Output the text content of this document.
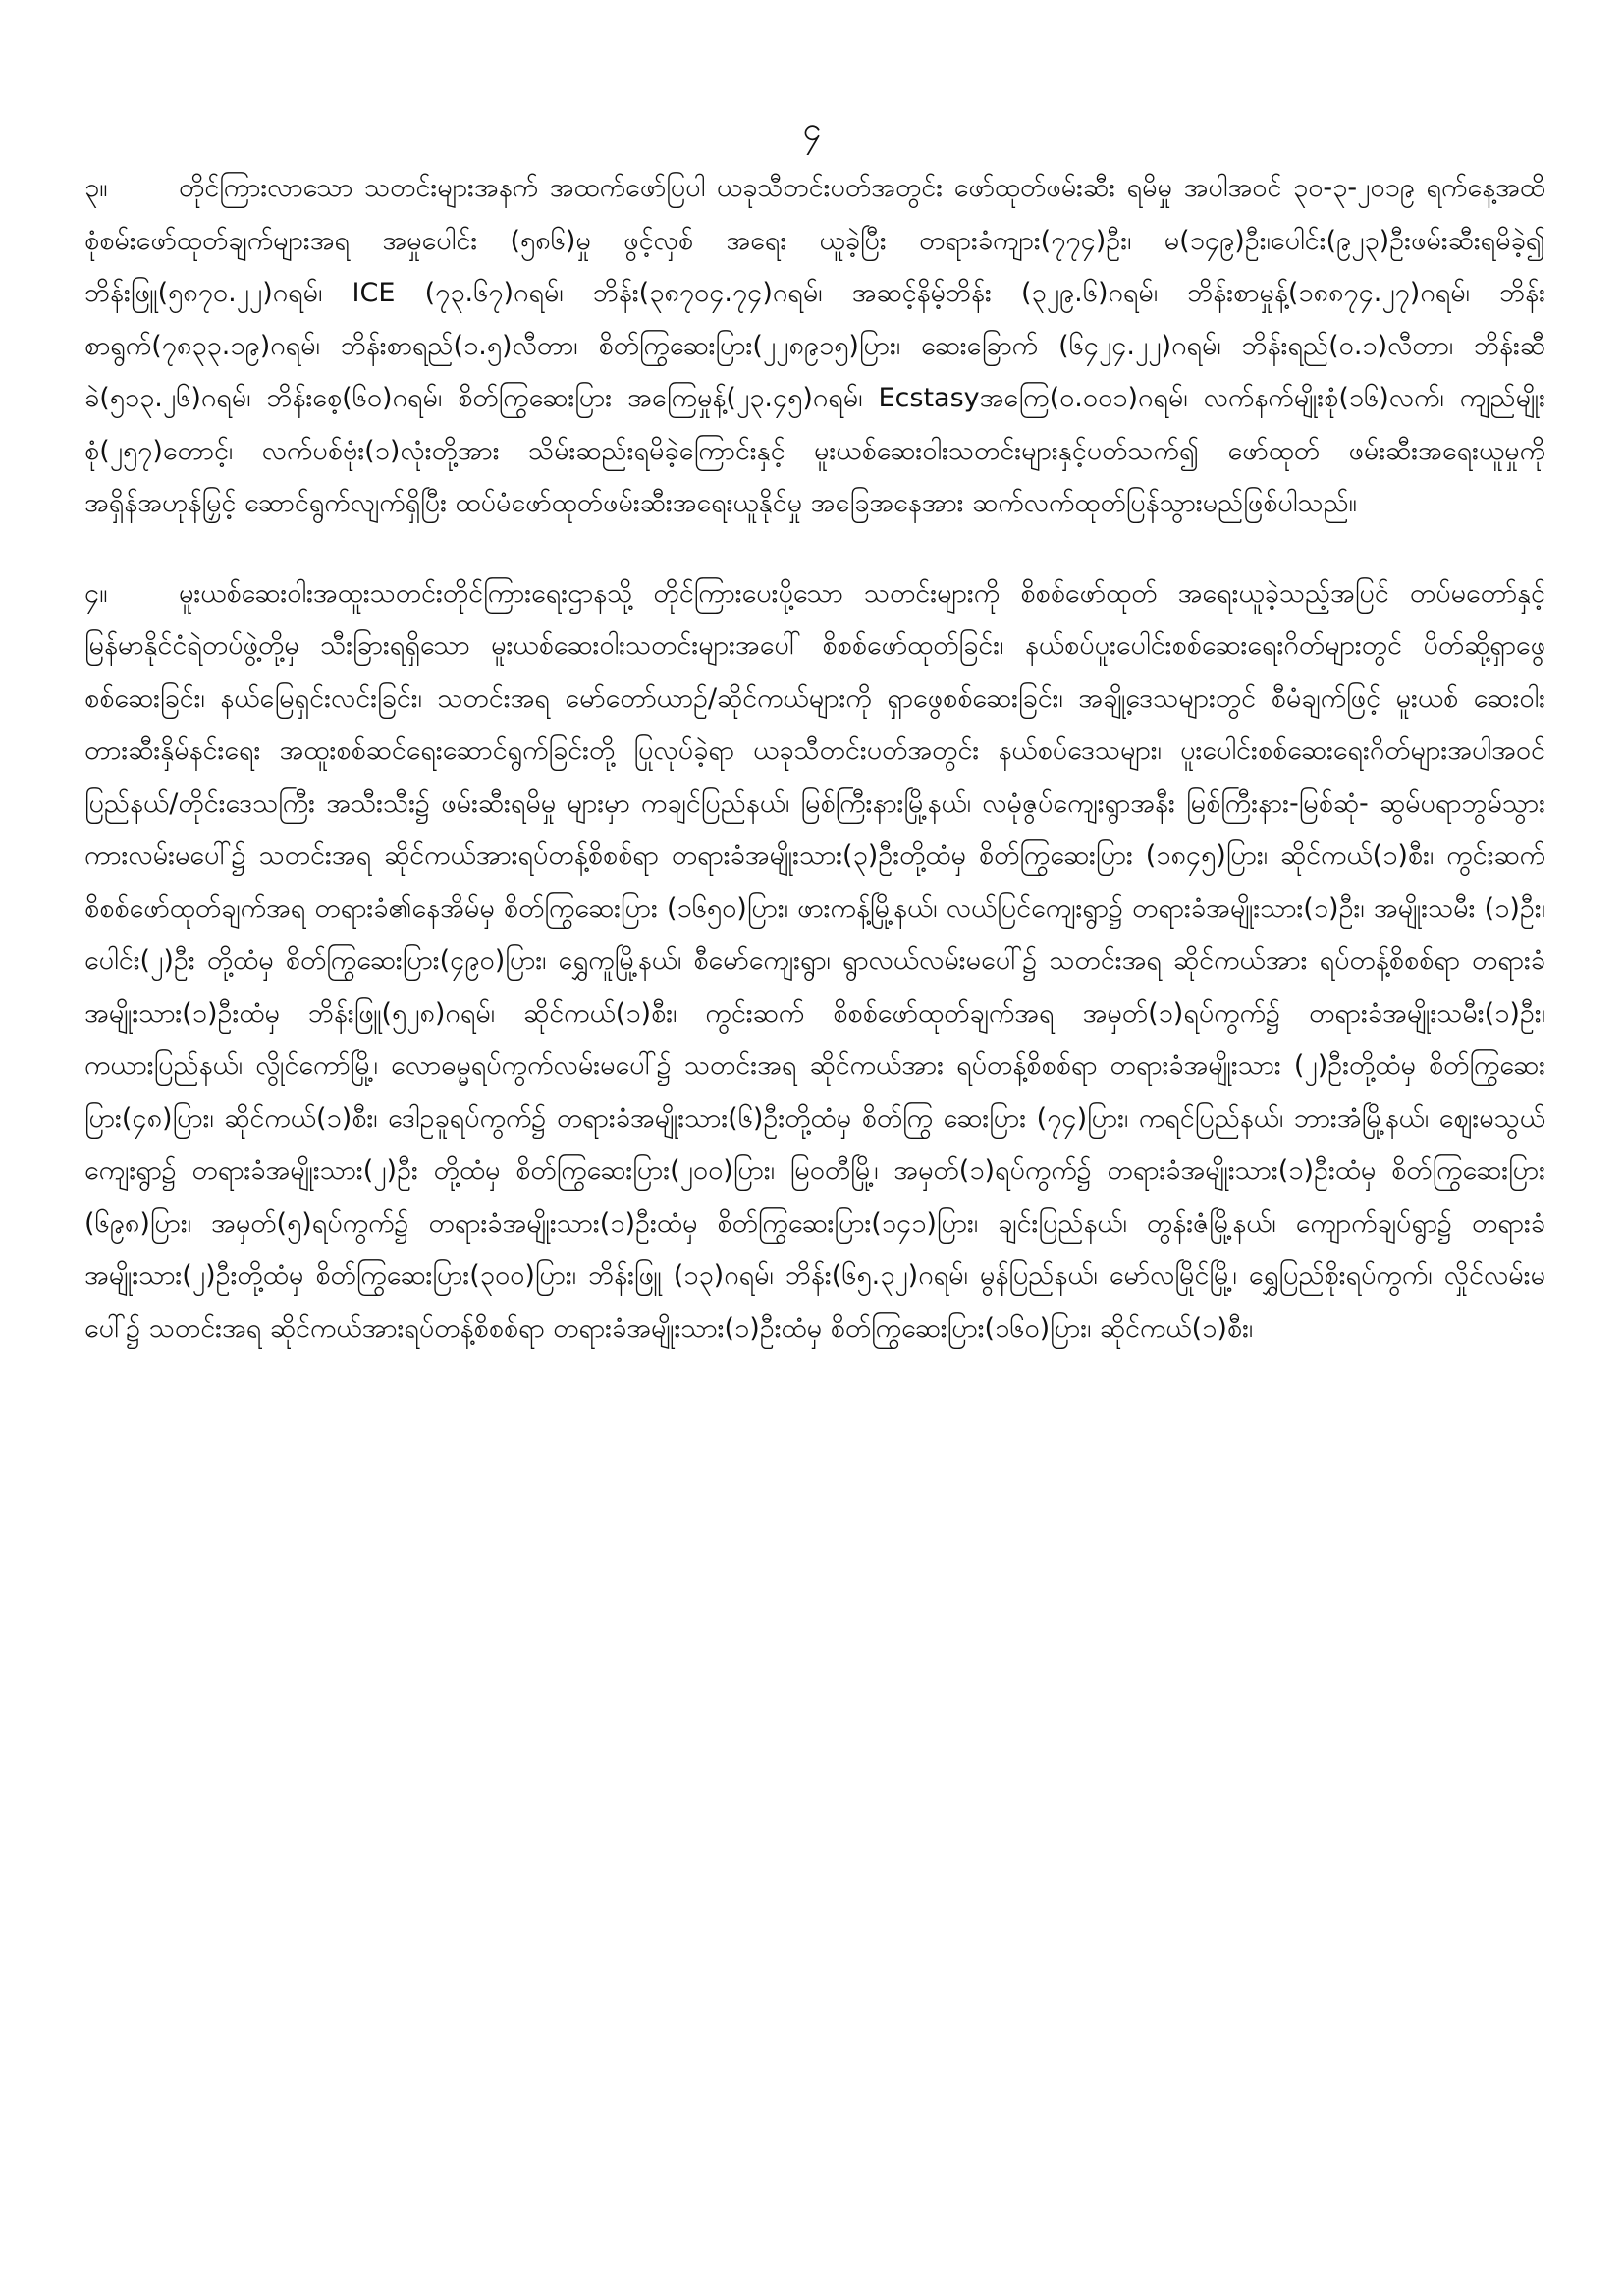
၄

၃။	တိုင်ကြားလာသော သတင်းများအနက် အထက်ဖော်ပြပါ ယခုသီတင်းပတ်အတွင်း ဖော်ထုတ်ဖမ်းဆီး ရမိမှု အပါအဝင် ၃၀-၃-၂၀၁၉ ရက်နေ့အထိ စုံစမ်းဖော်ထုတ်ချက်များအရ အမှုပေါင်း (၅၈၆)မှု ဖွင့်လှစ် အရေး ယူခဲ့ပြီး တရားခံကျား(၇၇၄)ဦး၊ မ(၁၄၉)ဦး၊ပေါင်း(၉၂၃)ဦးဖမ်းဆီးရမိခဲ့၍ ဘိန်းဖြူ(၅၈၇၀.၂၂)ဂရမ်၊ ICE (၇၃.၆၇)ဂရမ်၊ ဘိန်း(၃၈၇၀၄.၇၄)ဂရမ်၊ အဆင့်နိမ့်ဘိန်း (၃၂၉.၆)ဂရမ်၊ ဘိန်းစာမှုန့်(၁၈၈၇၄.၂၇)ဂရမ်၊ ဘိန်းစာရွက်(၇၈၃၃.၁၉)ဂရမ်၊ ဘိန်းစာရည်(၁.၅)လီတာ၊ စိတ်ကြွဆေးပြား(၂၂၈၉၁၅)ပြား၊ ဆေးခြောက် (၆၄၂၄.၂၂)ဂရမ်၊ ဘိန်းရည်(၀.၁)လီတာ၊ ဘိန်းဆီခဲ(၅၁၃.၂၆)ဂရမ်၊ ဘိန်းစေ့(၆၀)ဂရမ်၊ စိတ်ကြွဆေးပြား အကြေမှုန့်(၂၃.၄၅)ဂရမ်၊ Ecstasyအကြေ(၀.၀၀၁)ဂရမ်၊ လက်နက်မျိုးစုံ(၁၆)လက်၊ ကျည်မျိုးစုံ(၂၅၇)တောင့်၊ လက်ပစ်ဗုံး(၁)လုံးတို့အား သိမ်းဆည်းရမိခဲ့ကြောင်းနှင့် မူးယစ်ဆေးဝါးသတင်းများနှင့်ပတ်သက်၍ ဖော်ထုတ် ဖမ်းဆီးအရေးယူမှုကိုအရှိန်အဟုန်မြှင့် ဆောင်ရွက်လျက်ရှိပြီး ထပ်မံဖော်ထုတ်ဖမ်းဆီးအရေးယူနိုင်မှု အခြေအနေအား ဆက်လက်ထုတ်ပြန်သွားမည်ဖြစ်ပါသည်။

၄။	မူးယစ်ဆေးဝါးအထူးသတင်းတိုင်ကြားရေးဌာနသို့ တိုင်ကြားပေးပို့သော သတင်းများကို စိစစ်ဖော်ထုတ် အရေးယူခဲ့သည့်အပြင် တပ်မတော်နှင့် မြန်မာနိုင်ငံရဲတပ်ဖွဲ့တို့မှ သီးခြားရရှိသော မူးယစ်ဆေးဝါးသတင်းများအပေါ် စိစစ်ဖော်ထုတ်ခြင်း၊ နယ်စပ်ပူးပေါင်းစစ်ဆေးရေးဂိတ်များတွင် ပိတ်ဆို့ရှာဖွေစစ်ဆေးခြင်း၊ နယ်မြေရှင်းလင်းခြင်း၊ သတင်းအရ မော်တော်ယာဉ်/ဆိုင်ကယ်များကို ရှာဖွေစစ်ဆေးခြင်း၊ အချို့ဒေသများတွင် စီမံချက်ဖြင့် မူးယစ် ဆေးဝါးတားဆီးနှိမ်နင်းရေး အထူးစစ်ဆင်ရေးဆောင်ရွက်ခြင်းတို့ ပြုလုပ်ခဲ့ရာ ယခုသီတင်းပတ်အတွင်း နယ်စပ်ဒေသများ၊ ပူးပေါင်းစစ်ဆေးရေးဂိတ်များအပါအဝင် ပြည်နယ်/တိုင်းဒေသကြီး အသီးသီး၌ ဖမ်းဆီးရမိမှု များမှာ ကချင်ပြည်နယ်၊ မြစ်ကြီးနားမြို့နယ်၊ လမုံဇွပ်ကျေးရွာအနီး မြစ်ကြီးနား-မြစ်ဆုံ- ဆွမ်ပရာဘွမ်သွား ကားလမ်းမပေါ်၌ သတင်းအရ ဆိုင်ကယ်အားရပ်တန့်စိစစ်ရာ တရားခံအမျိုးသား(၃)ဦးတို့ထံမှ စိတ်ကြွဆေးပြား (၁၈၄၅)ပြား၊ ဆိုင်ကယ်(၁)စီး၊ ကွင်းဆက်စိစစ်ဖော်ထုတ်ချက်အရ တရားခံ၏နေအိမ်မှ စိတ်ကြွဆေးပြား (၁၆၅၀)ပြား၊ ဖားကန့်မြို့နယ်၊ လယ်ပြင်ကျေးရွာ၌ တရားခံအမျိုးသား(၁)ဦး၊ အမျိုးသမီး (၁)ဦး၊ ပေါင်း(၂)ဦး တို့ထံမှ စိတ်ကြွဆေးပြား(၄၉၀)ပြား၊ ရွှေကူမြို့နယ်၊ စီမော်ကျေးရွာ၊ ရွာလယ်လမ်းမပေါ်၌ သတင်းအရ ဆိုင်ကယ်အား ရပ်တန့်စိစစ်ရာ တရားခံအမျိုးသား(၁)ဦးထံမှ ဘိန်းဖြူ(၅၂၈)ဂရမ်၊ ဆိုင်ကယ်(၁)စီး၊ ကွင်းဆက် စိစစ်ဖော်ထုတ်ချက်အရ အမှတ်(၁)ရပ်ကွက်၌ တရားခံအမျိုးသမီး(၁)ဦး၊ ကယားပြည်နယ်၊ လွိုင်ကော်မြို့၊ လောဓမ္မရပ်ကွက်လမ်းမပေါ်၌ သတင်းအရ ဆိုင်ကယ်အား ရပ်တန့်စိစစ်ရာ တရားခံအမျိုးသား (၂)ဦးတို့ထံမှ စိတ်ကြွဆေးပြား(၄၈)ပြား၊ ဆိုင်ကယ်(၁)စီး၊ ဒေါဥခူရပ်ကွက်၌ တရားခံအမျိုးသား(၆)ဦးတို့ထံမှ စိတ်ကြွ ဆေးပြား (၇၄)ပြား၊ ကရင်ပြည်နယ်၊ ဘားအံမြို့နယ်၊ ဈေးမသွယ်ကျေးရွာ၌ တရားခံအမျိုးသား(၂)ဦး တို့ထံမှ စိတ်ကြွဆေးပြား(၂၀၀)ပြား၊ မြဝတီမြို့၊ အမှတ်(၁)ရပ်ကွက်၌ တရားခံအမျိုးသား(၁)ဦးထံမှ စိတ်ကြွဆေးပြား (၆၉၈)ပြား၊ အမှတ်(၅)ရပ်ကွက်၌ တရားခံအမျိုးသား(၁)ဦးထံမှ စိတ်ကြွဆေးပြား(၁၄၁)ပြား၊ ချင်းပြည်နယ်၊ တွန်းဇံမြို့နယ်၊ ကျောက်ချပ်ရွာ၌ တရားခံအမျိုးသား(၂)ဦးတို့ထံမှ စိတ်ကြွဆေးပြား(၃၀၀)ပြား၊ ဘိန်းဖြူ (၁၃)ဂရမ်၊ ဘိန်း(၆၅.၃၂)ဂရမ်၊ မွန်ပြည်နယ်၊ မော်လမြိုင်မြို့၊ ရွှေပြည်စိုးရပ်ကွက်၊ လှိုင်လမ်းမပေါ်၌ သတင်းအရ ဆိုင်ကယ်အားရပ်တန့်စိစစ်ရာ တရားခံအမျိုးသား(၁)ဦးထံမှ စိတ်ကြွဆေးပြား(၁၆၀)ပြား၊ ဆိုင်ကယ်(၁)စီး၊
